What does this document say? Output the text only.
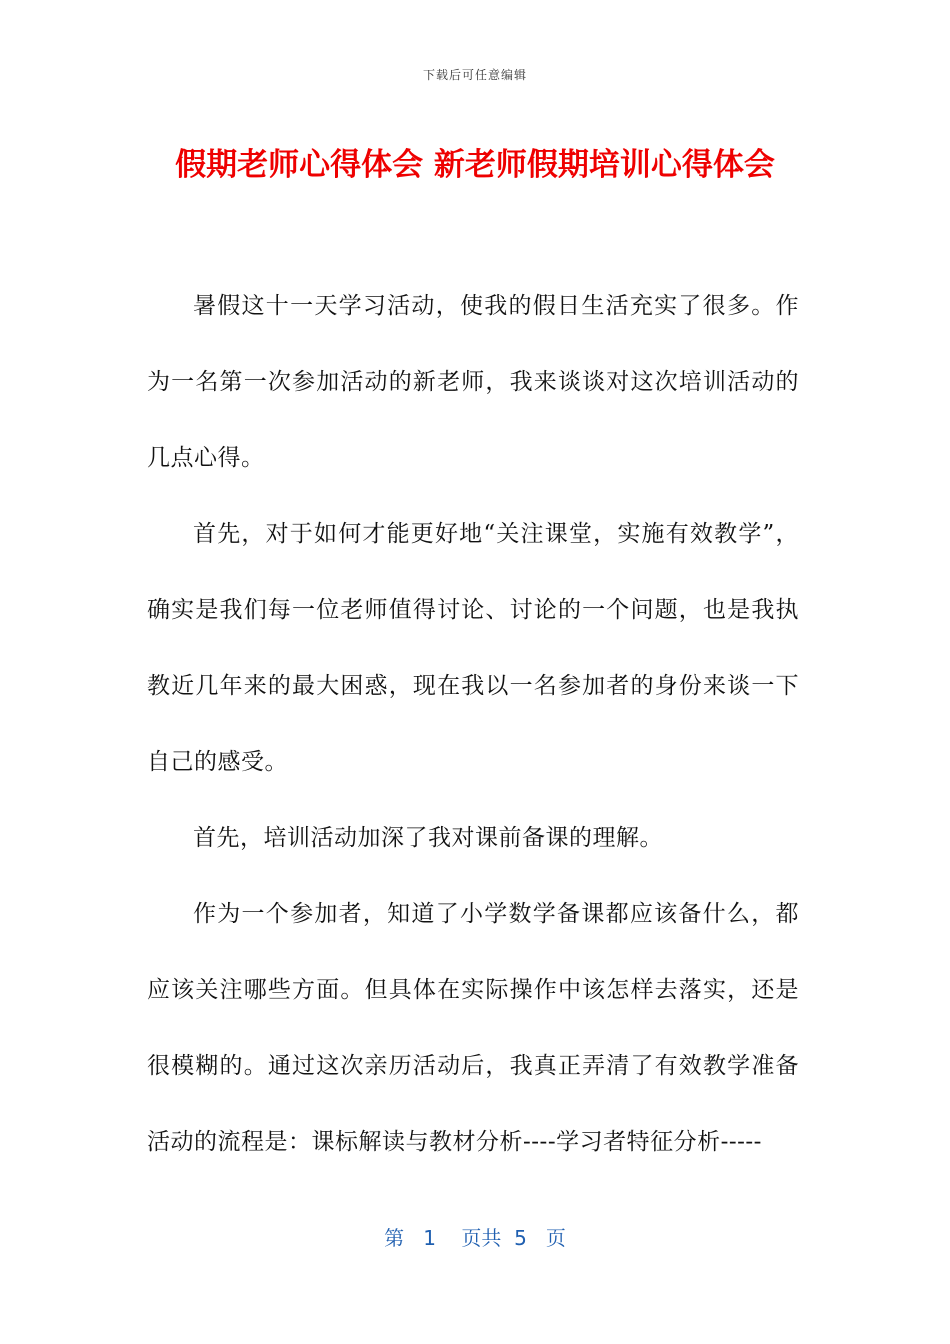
下载后可任意编辑
假期老师心得体会 新老师假期培训心得体会

暑假这十一天学习活动，使我的假日生活充实了很多。作为一名第一次参加活动的新老师，我来谈谈对这次培训活动的几点心得。

首先，对于如何才能更好地“关注课堂，实施有效教学”，确实是我们每一位老师值得讨论、讨论的一个问题，也是我执教近几年来的最大困惑，现在我以一名参加者的身份来谈一下自己的感受。

首先，培训活动加深了我对课前备课的理解。

作为一个参加者，知道了小学数学备课都应该备什么，都应该关注哪些方面。但具体在实际操作中该怎样去落实，还是很模糊的。通过这次亲历活动后，我真正弄清了有效教学准备活动的流程是：课标解读与教材分析----学习者特征分析-----

第 1 页共 5 页
